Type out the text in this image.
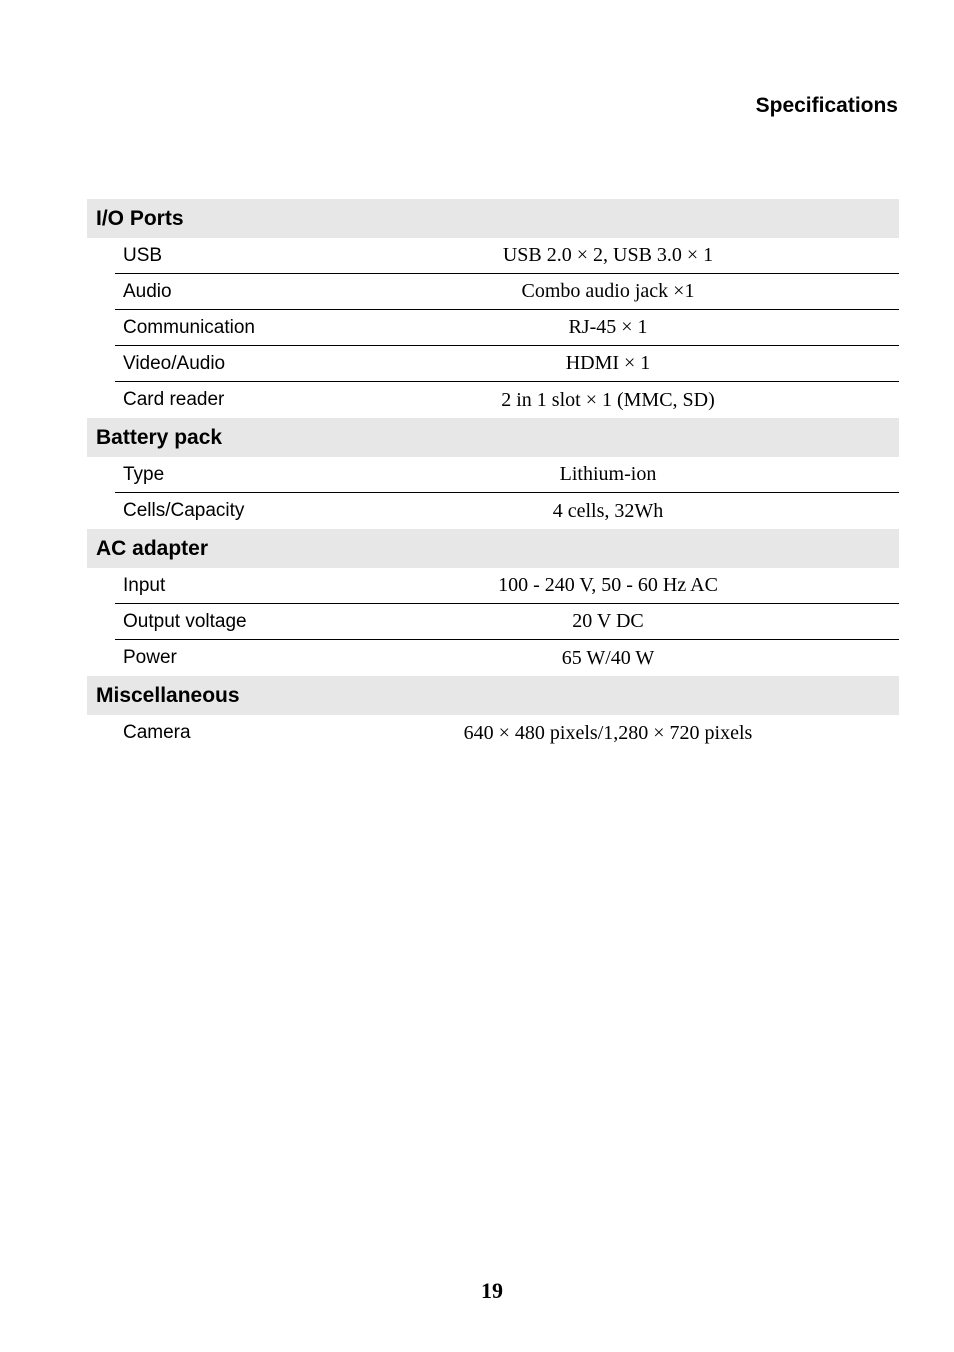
Specifications
I/O Ports
USB	USB 2.0 × 2, USB 3.0 × 1
Audio	Combo audio jack ×1
Communication	RJ-45 × 1
Video/Audio	HDMI × 1
Card reader	2 in 1 slot × 1 (MMC, SD)
Battery pack
Type	Lithium-ion
Cells/Capacity	4 cells, 32Wh
AC adapter
Input	100 - 240 V, 50 - 60 Hz AC
Output voltage	20 V DC
Power	65 W/40 W
Miscellaneous
Camera	640 × 480 pixels/1,280 × 720 pixels
19
